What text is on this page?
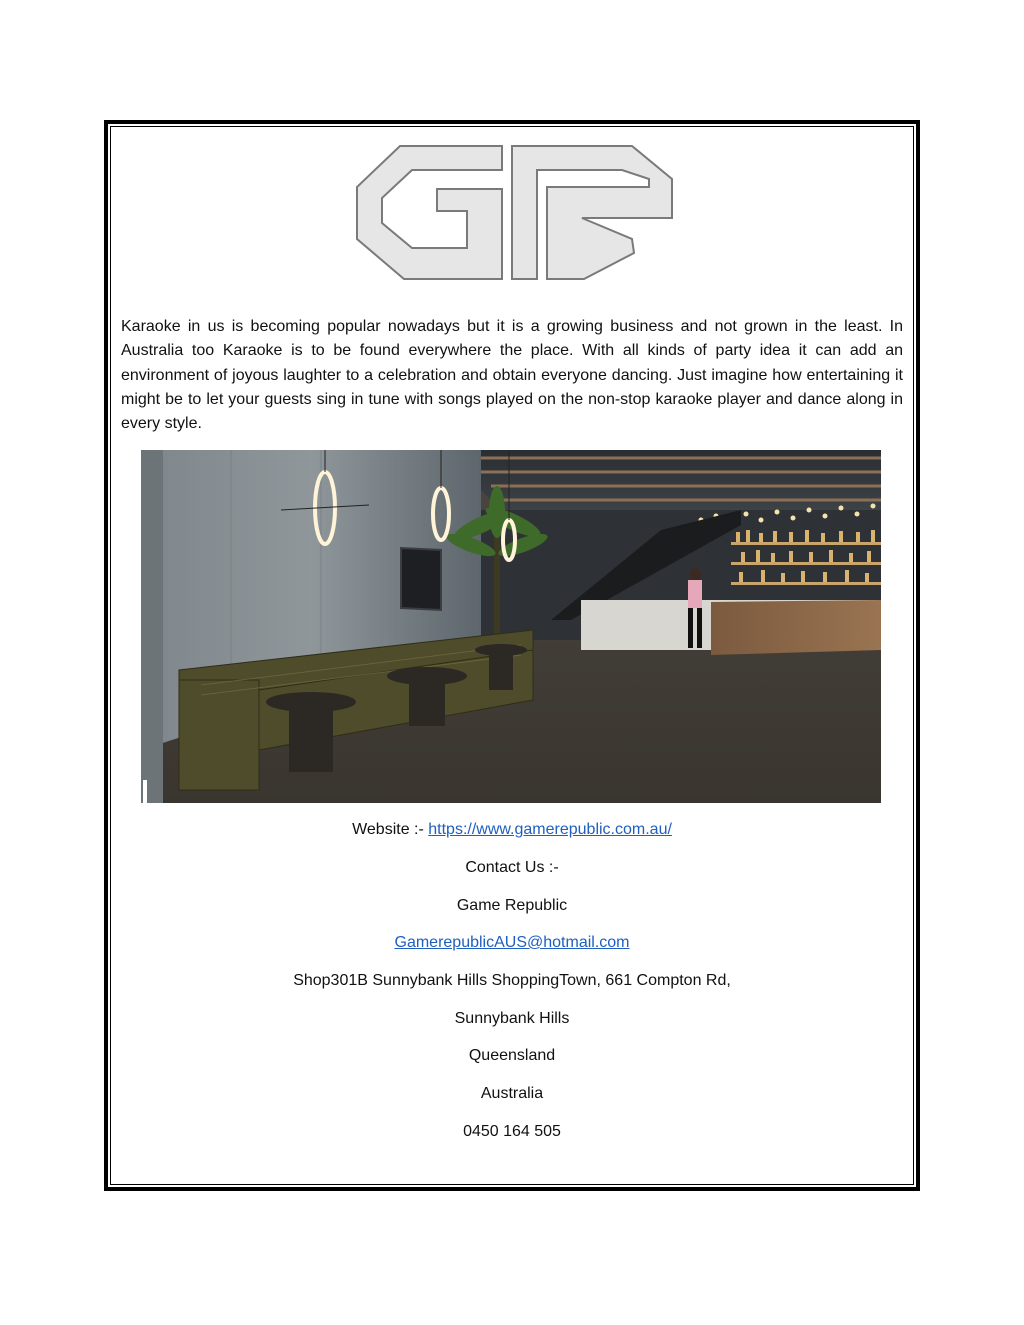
Karaoke in us is becoming popular nowadays but it is a growing business and not grown in the least. In Australia too Karaoke is to be found everywhere the place. With all kinds of party idea it can add an environment of joyous laughter to a celebration and obtain everyone dancing. Just imagine how entertaining it might be to let your guests sing in tune with songs played on the non-stop karaoke player and dance along in every style.

Website :- https://www.gamerepublic.com.au/

Contact Us :-

Game Republic

GamerepublicAUS@hotmail.com

Shop301B Sunnybank Hills ShoppingTown, 661 Compton Rd,

Sunnybank Hills

Queensland

Australia

0450 164 505
